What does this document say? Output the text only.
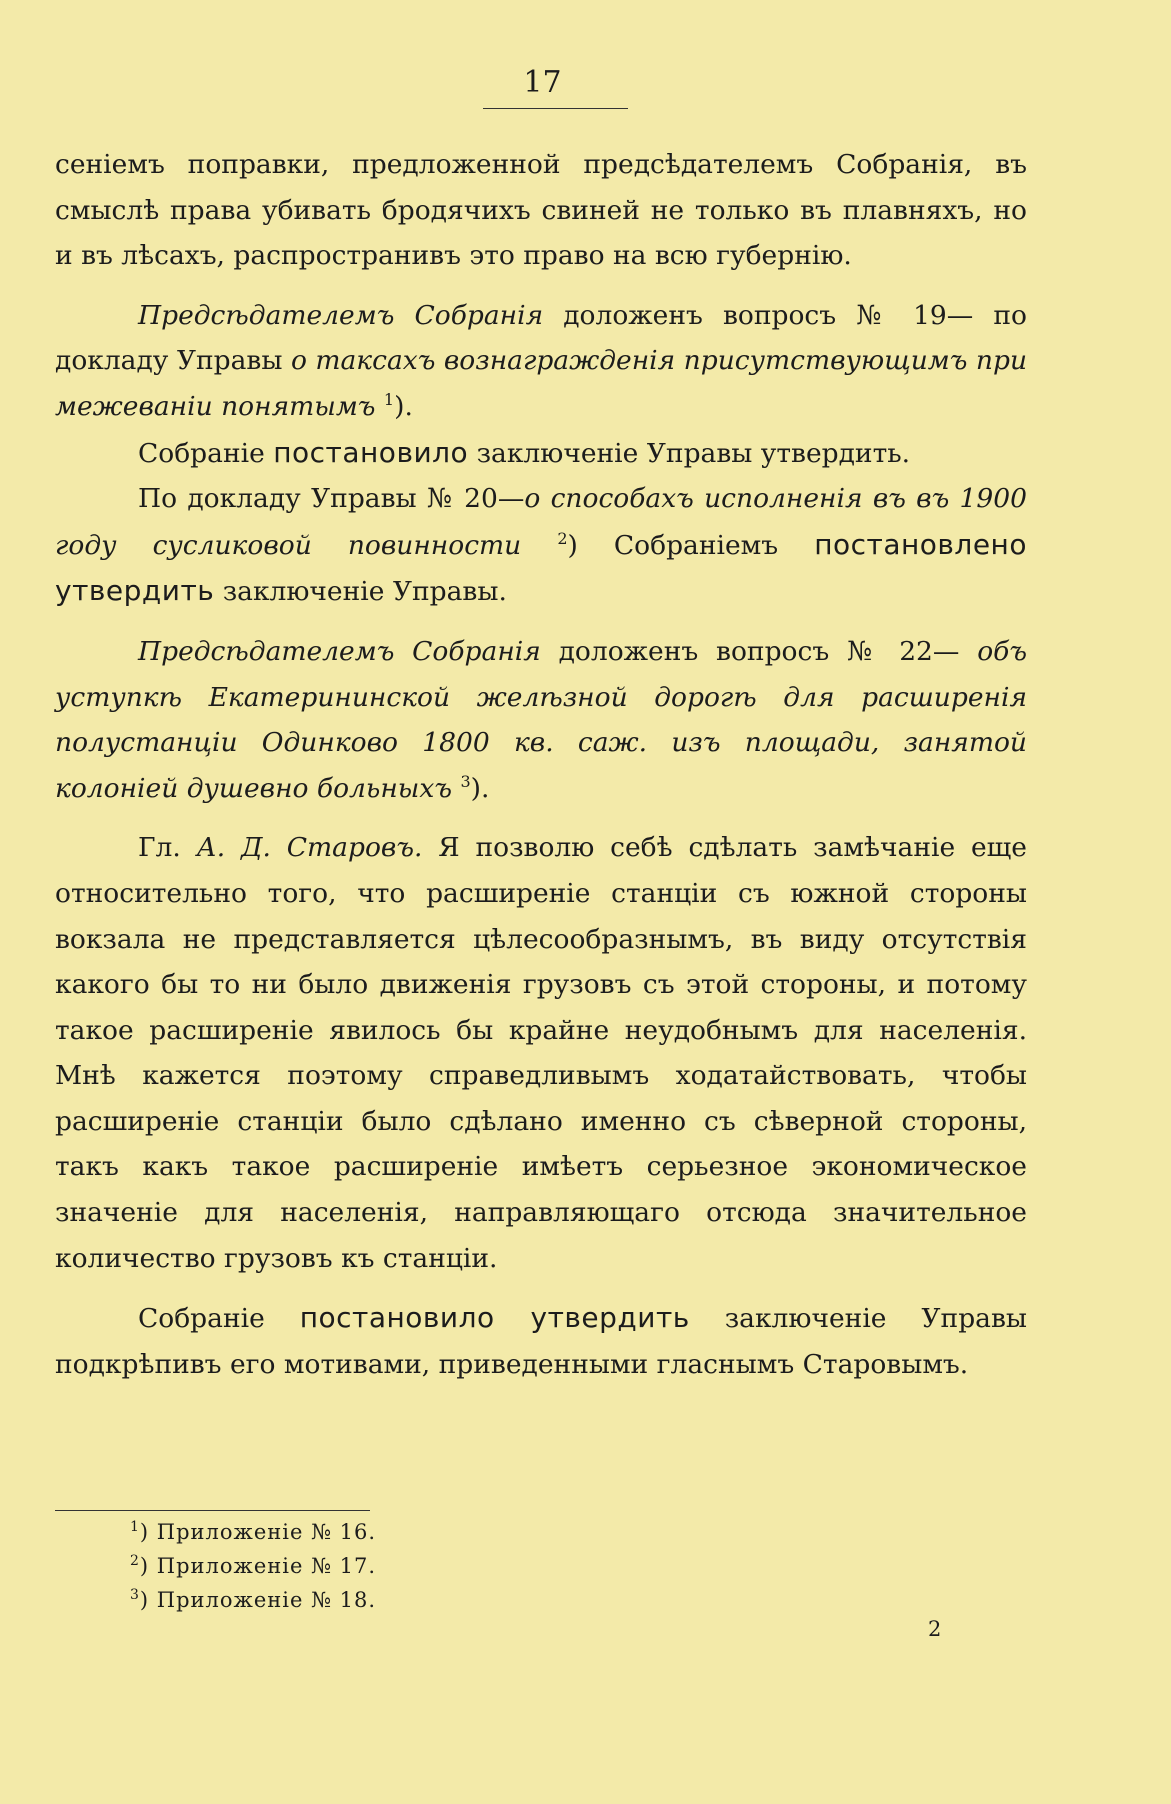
17

сеніемъ поправки, предложенной предсѣдателемъ Собранія, въ смыслѣ права убивать бродячихъ свиней не только въ плавняхъ, но и въ лѣсахъ, распространивъ это право на всю губернію.

Предсѣдателемъ Собранія доложенъ вопросъ № 19— по докладу Управы о таксахъ вознагражденія присутствующимъ при межеваніи понятымъ $^1$).

Собраніе постановило заключеніе Управы утвердить.

По докладу Управы № 20—о способахъ исполненія въ въ 1900 году сусликовой повинности $^2$) Собраніемъ постановлено утвердить заключеніе Управы.

Предсѣдателемъ Собранія доложенъ вопросъ № 22— объ уступкѣ Екатерининской желѣзной дорогѣ для расширенія полустанціи Одинково 1800 кв. саж. изъ площади, занятой колоніей душевно больныхъ $^3$).

Гл. А. Д. Старовъ. Я позволю себѣ сдѣлать замѣчаніе еще относительно того, что расширеніе станціи съ южной стороны вокзала не представляется цѣлесообразнымъ, въ виду отсутствія какого бы то ни было движенія грузовъ съ этой стороны, и потому такое расширеніе явилось бы крайне неудобнымъ для населенія. Мнѣ кажется поэтому справедливымъ ходатайствовать, чтобы расширеніе станціи было сдѣлано именно съ сѣверной стороны, такъ какъ такое расширеніе имѣетъ серьезное экономическое значеніе для населенія, направляющаго отсюда значительное количество грузовъ къ станціи.

Собраніе постановило утвердить заключеніе Управы подкрѣпивъ его мотивами, приведенными гласнымъ Старовымъ.

$^1$) Приложеніе № 16.
$^2$) Приложеніе № 17.
$^3$) Приложеніе № 18.
2
